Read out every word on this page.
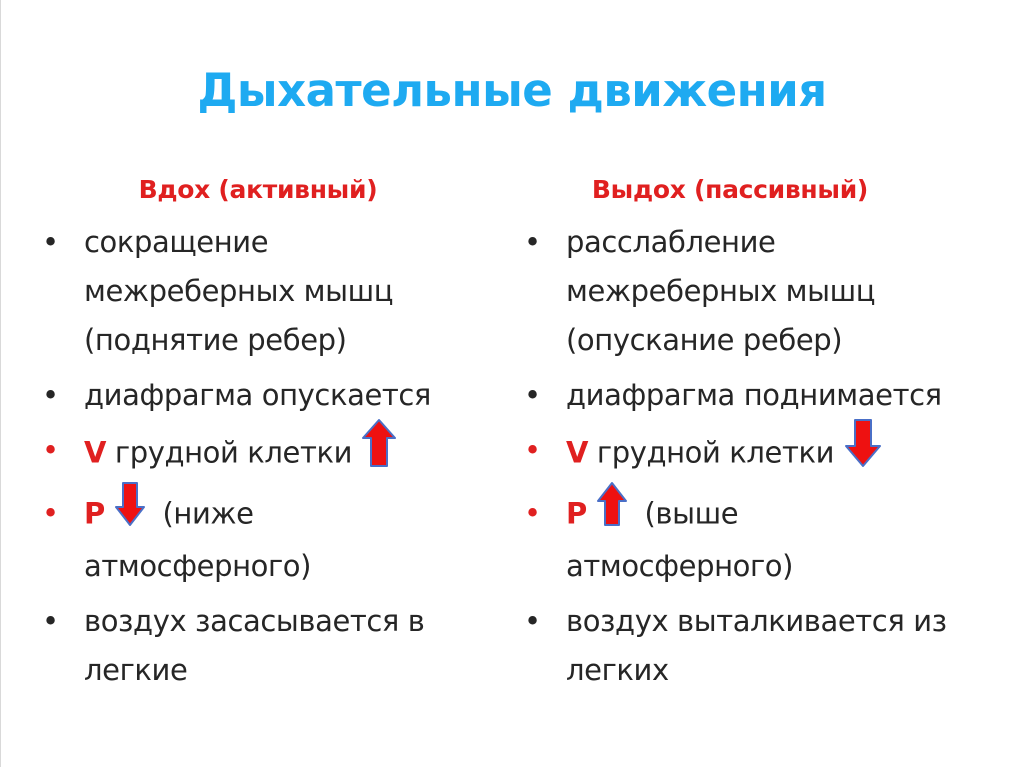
Дыхательные движения
Вдох (активный)
• сокращение межреберных мышц (поднятие ребер)
• диафрагма опускается
• V грудной клетки
• P (ниже атмосферного)
• воздух засасывается в легкие
Выдох (пассивный)
• расслабление межреберных мышц (опускание ребер)
• диафрагма поднимается
• V грудной клетки
• P (выше атмосферного)
• воздух выталкивается из легких
